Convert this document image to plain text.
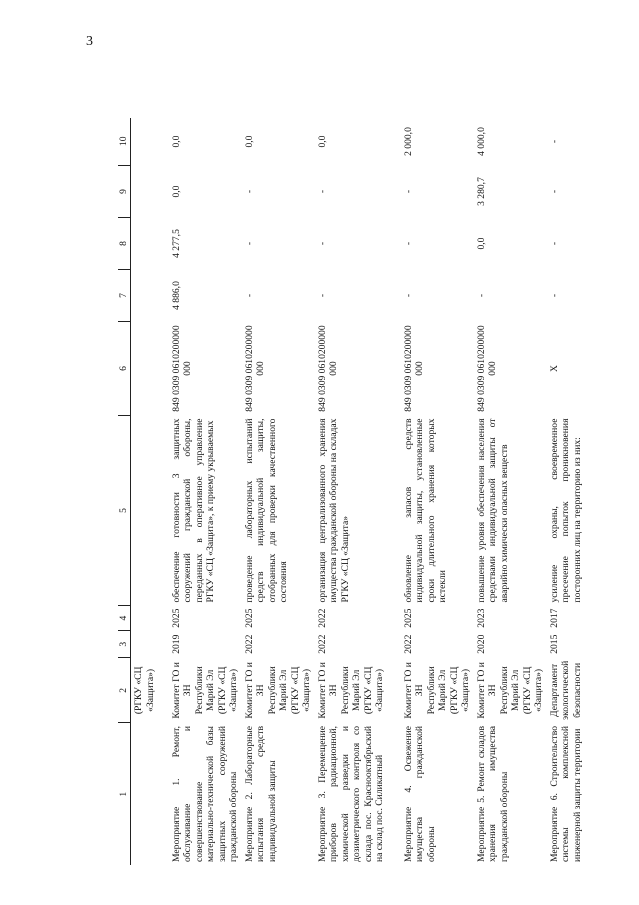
3
1	2	3	4	5	6	7	8	9	10
	(РГКУ «СЦ «Защита»)								
Мероприятие 1. Ремонт, обслуживание и совершенствование материально-технической базы защитных сооружений гражданской обороны	Комитет ГО и ЗН Республики Марий Эл (РГКУ «СЦ «Защита»)	2019	2025	обеспечение готовности 3 защитных сооружений гражданской обороны, переданных в оперативное управление РГКУ «СЦ «Защита», к приему укрываемых	849 0309 0610200000 000	4 886,0	4 277,5	0,0	0,0
Мероприятие 2. Лабораторные испытания средств индивидуальной защиты	Комитет ГО и ЗН Республики Марий Эл (РГКУ «СЦ «Защита»)	2022	2025	проведение лабораторных испытаний средств индивидуальной защиты, отобранных для проверки качественного состояния	849 0309 0610200000 000	-	-	-	0,0
Мероприятие 3. Перемещение приборов радиационной, химической разведки и дозиметрического контроля со склада пос. Краснооктябрьский на склад пос. Силикатный	Комитет ГО и ЗН Республики Марий Эл (РГКУ «СЦ «Защита»)	2022	2022	организация централизованного хранения имущества гражданской обороны на складах РГКУ «СЦ «Защита»	849 0309 0610200000 000	-	-	-	0,0
Мероприятие 4. Освежение имущества гражданской обороны	Комитет ГО и ЗН Республики Марий Эл (РГКУ «СЦ «Защита»)	2022	2025	обновление запасов средств индивидуальной защиты, установленные сроки длительного хранения которых истекли	849 0309 0610200000 000	-	-	-	2 000,0
Мероприятие 5. Ремонт складов хранения имущества гражданской обороны	Комитет ГО и ЗН Республики Марий Эл (РГКУ «СЦ «Защита»)	2020	2023	повышение уровня обеспечения населения средствами индивидуальной защиты от аварийно химически опасных веществ	849 0309 0610200000 000	-	0,0	3 280,7	4 000,0
Мероприятие 6. Строительство системы комплексной инженерной защиты территории	Департамент экологической безопасности	2015	2017	усиление охраны, своевременное пресечение попыток проникновения посторонних лиц на территорию из них:	X	-	-	-	-
